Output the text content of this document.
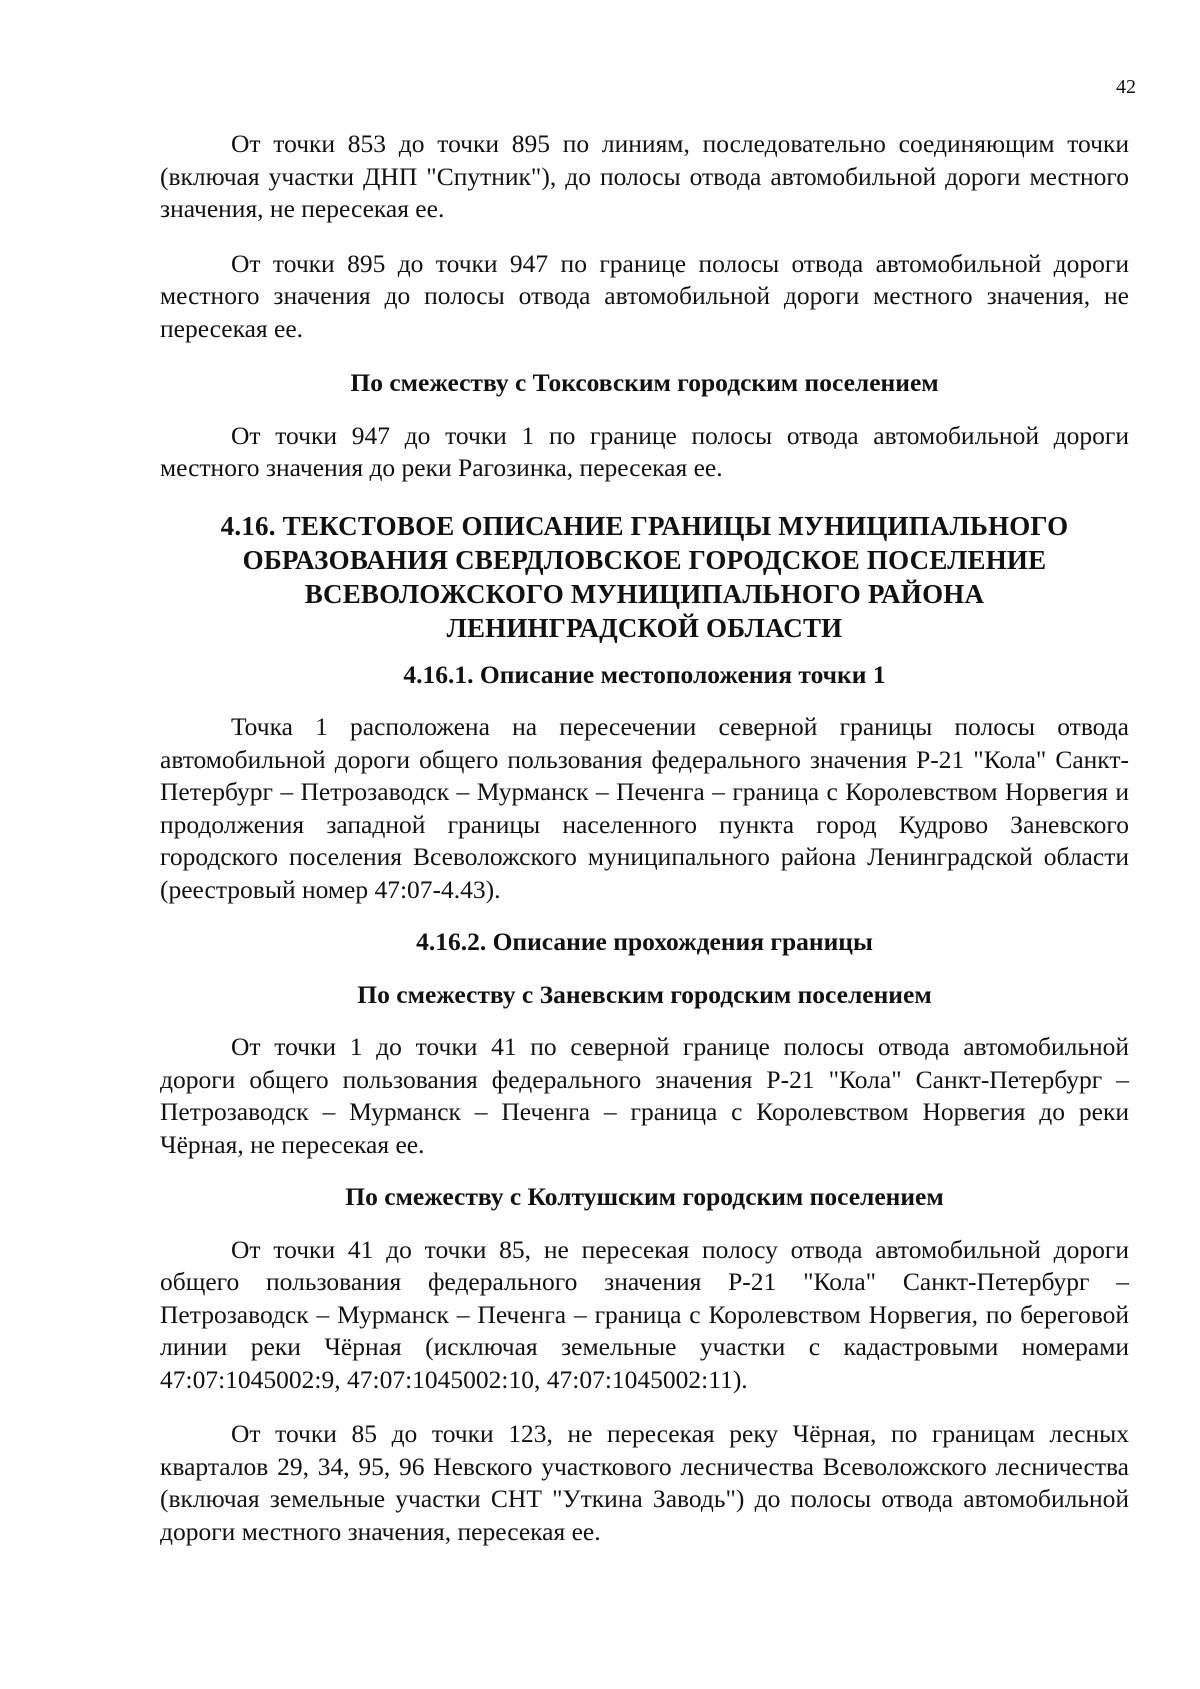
42

От точки 853 до точки 895 по линиям, последовательно соединяющим точки (включая участки ДНП "Спутник"), до полосы отвода автомобильной дороги местного значения, не пересекая ее.

От точки 895 до точки 947 по границе полосы отвода автомобильной дороги местного значения до полосы отвода автомобильной дороги местного значения, не пересекая ее.

По смежеству с Токсовским городским поселением

От точки 947 до точки 1 по границе полосы отвода автомобильной дороги местного значения до реки Рагозинка, пересекая ее.

4.16. ТЕКСТОВОЕ ОПИСАНИЕ ГРАНИЦЫ МУНИЦИПАЛЬНОГО
ОБРАЗОВАНИЯ СВЕРДЛОВСКОЕ ГОРОДСКОЕ ПОСЕЛЕНИЕ
ВСЕВОЛОЖСКОГО МУНИЦИПАЛЬНОГО РАЙОНА
ЛЕНИНГРАДСКОЙ ОБЛАСТИ
4.16.1. Описание местоположения точки 1

Точка 1 расположена на пересечении северной границы полосы отвода автомобильной дороги общего пользования федерального значения Р-21 "Кола" Санкт-Петербург – Петрозаводск – Мурманск – Печенга – граница с Королевством Норвегия и продолжения западной границы населенного пункта город Кудрово Заневского городского поселения Всеволожского муниципального района Ленинградской области (реестровый номер 47:07-4.43).

4.16.2. Описание прохождения границы
По смежеству с Заневским городским поселением

От точки 1 до точки 41 по северной границе полосы отвода автомобильной дороги общего пользования федерального значения Р-21 "Кола" Санкт-Петербург – Петрозаводск – Мурманск – Печенга – граница с Королевством Норвегия до реки Чёрная, не пересекая ее.

По смежеству с Колтушским городским поселением

От точки 41 до точки 85, не пересекая полосу отвода автомобильной дороги общего пользования федерального значения Р-21 "Кола" Санкт-Петербург – Петрозаводск – Мурманск – Печенга – граница с Королевством Норвегия, по береговой линии реки Чёрная (исключая земельные участки с кадастровыми номерами 47:07:1045002:9, 47:07:1045002:10, 47:07:1045002:11).

От точки 85 до точки 123, не пересекая реку Чёрная, по границам лесных кварталов 29, 34, 95, 96 Невского участкового лесничества Всеволожского лесничества (включая земельные участки СНТ "Уткина Заводь") до полосы отвода автомобильной дороги местного значения, пересекая ее.
